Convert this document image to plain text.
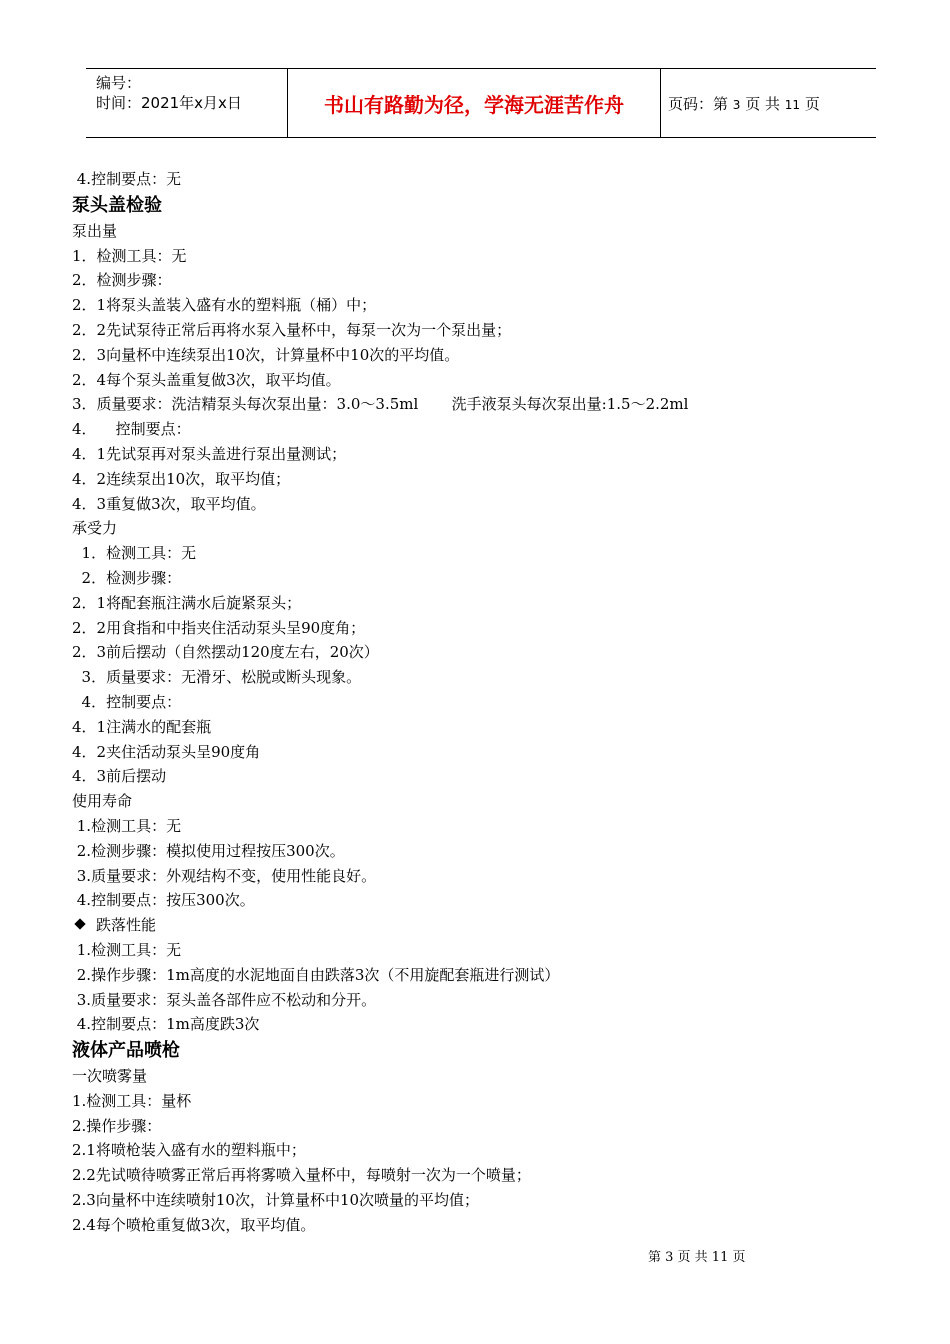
编号：
时间：2021年x月x日	书山有路勤为径，学海无涯苦作舟	页码：第 3 页 共 11 页
4.控制要点：无
泵头盖检验
泵出量
1．检测工具：无
2．检测步骤：
2．1将泵头盖装入盛有水的塑料瓶（桶）中；
2．2先试泵待正常后再将水泵入量杯中，每泵一次为一个泵出量；
2．3向量杯中连续泵出10次，计算量杯中10次的平均值。
2．4每个泵头盖重复做3次，取平均值。
3．质量要求：洗洁精泵头每次泵出量：3.0～3.5ml       洗手液泵头每次泵出量:1.5～2.2ml
4．    控制要点：
4．1先试泵再对泵头盖进行泵出量测试；
4．2连续泵出10次，取平均值；
4．3重复做3次，取平均值。
承受力
1．检测工具：无
2．检测步骤：
2．1将配套瓶注满水后旋紧泵头；
2．2用食指和中指夹住活动泵头呈90度角；
2．3前后摆动（自然摆动120度左右，20次）
3．质量要求：无滑牙、松脱或断头现象。
4．控制要点：
4．1注满水的配套瓶
4．2夹住活动泵头呈90度角
4．3前后摆动
使用寿命
1.检测工具：无
2.检测步骤：模拟使用过程按压300次。
3.质量要求：外观结构不变，使用性能良好。
4.控制要点：按压300次。
跌落性能
1.检测工具：无
2.操作步骤：1m高度的水泥地面自由跌落3次（不用旋配套瓶进行测试）
3.质量要求：泵头盖各部件应不松动和分开。
4.控制要点：1m高度跌3次
液体产品喷枪
一次喷雾量
1.检测工具：量杯
2.操作步骤：
2.1将喷枪装入盛有水的塑料瓶中；
2.2先试喷待喷雾正常后再将雾喷入量杯中，每喷射一次为一个喷量；
2.3向量杯中连续喷射10次，计算量杯中10次喷量的平均值；
2.4每个喷枪重复做3次，取平均值。
第 3 页 共 11 页
